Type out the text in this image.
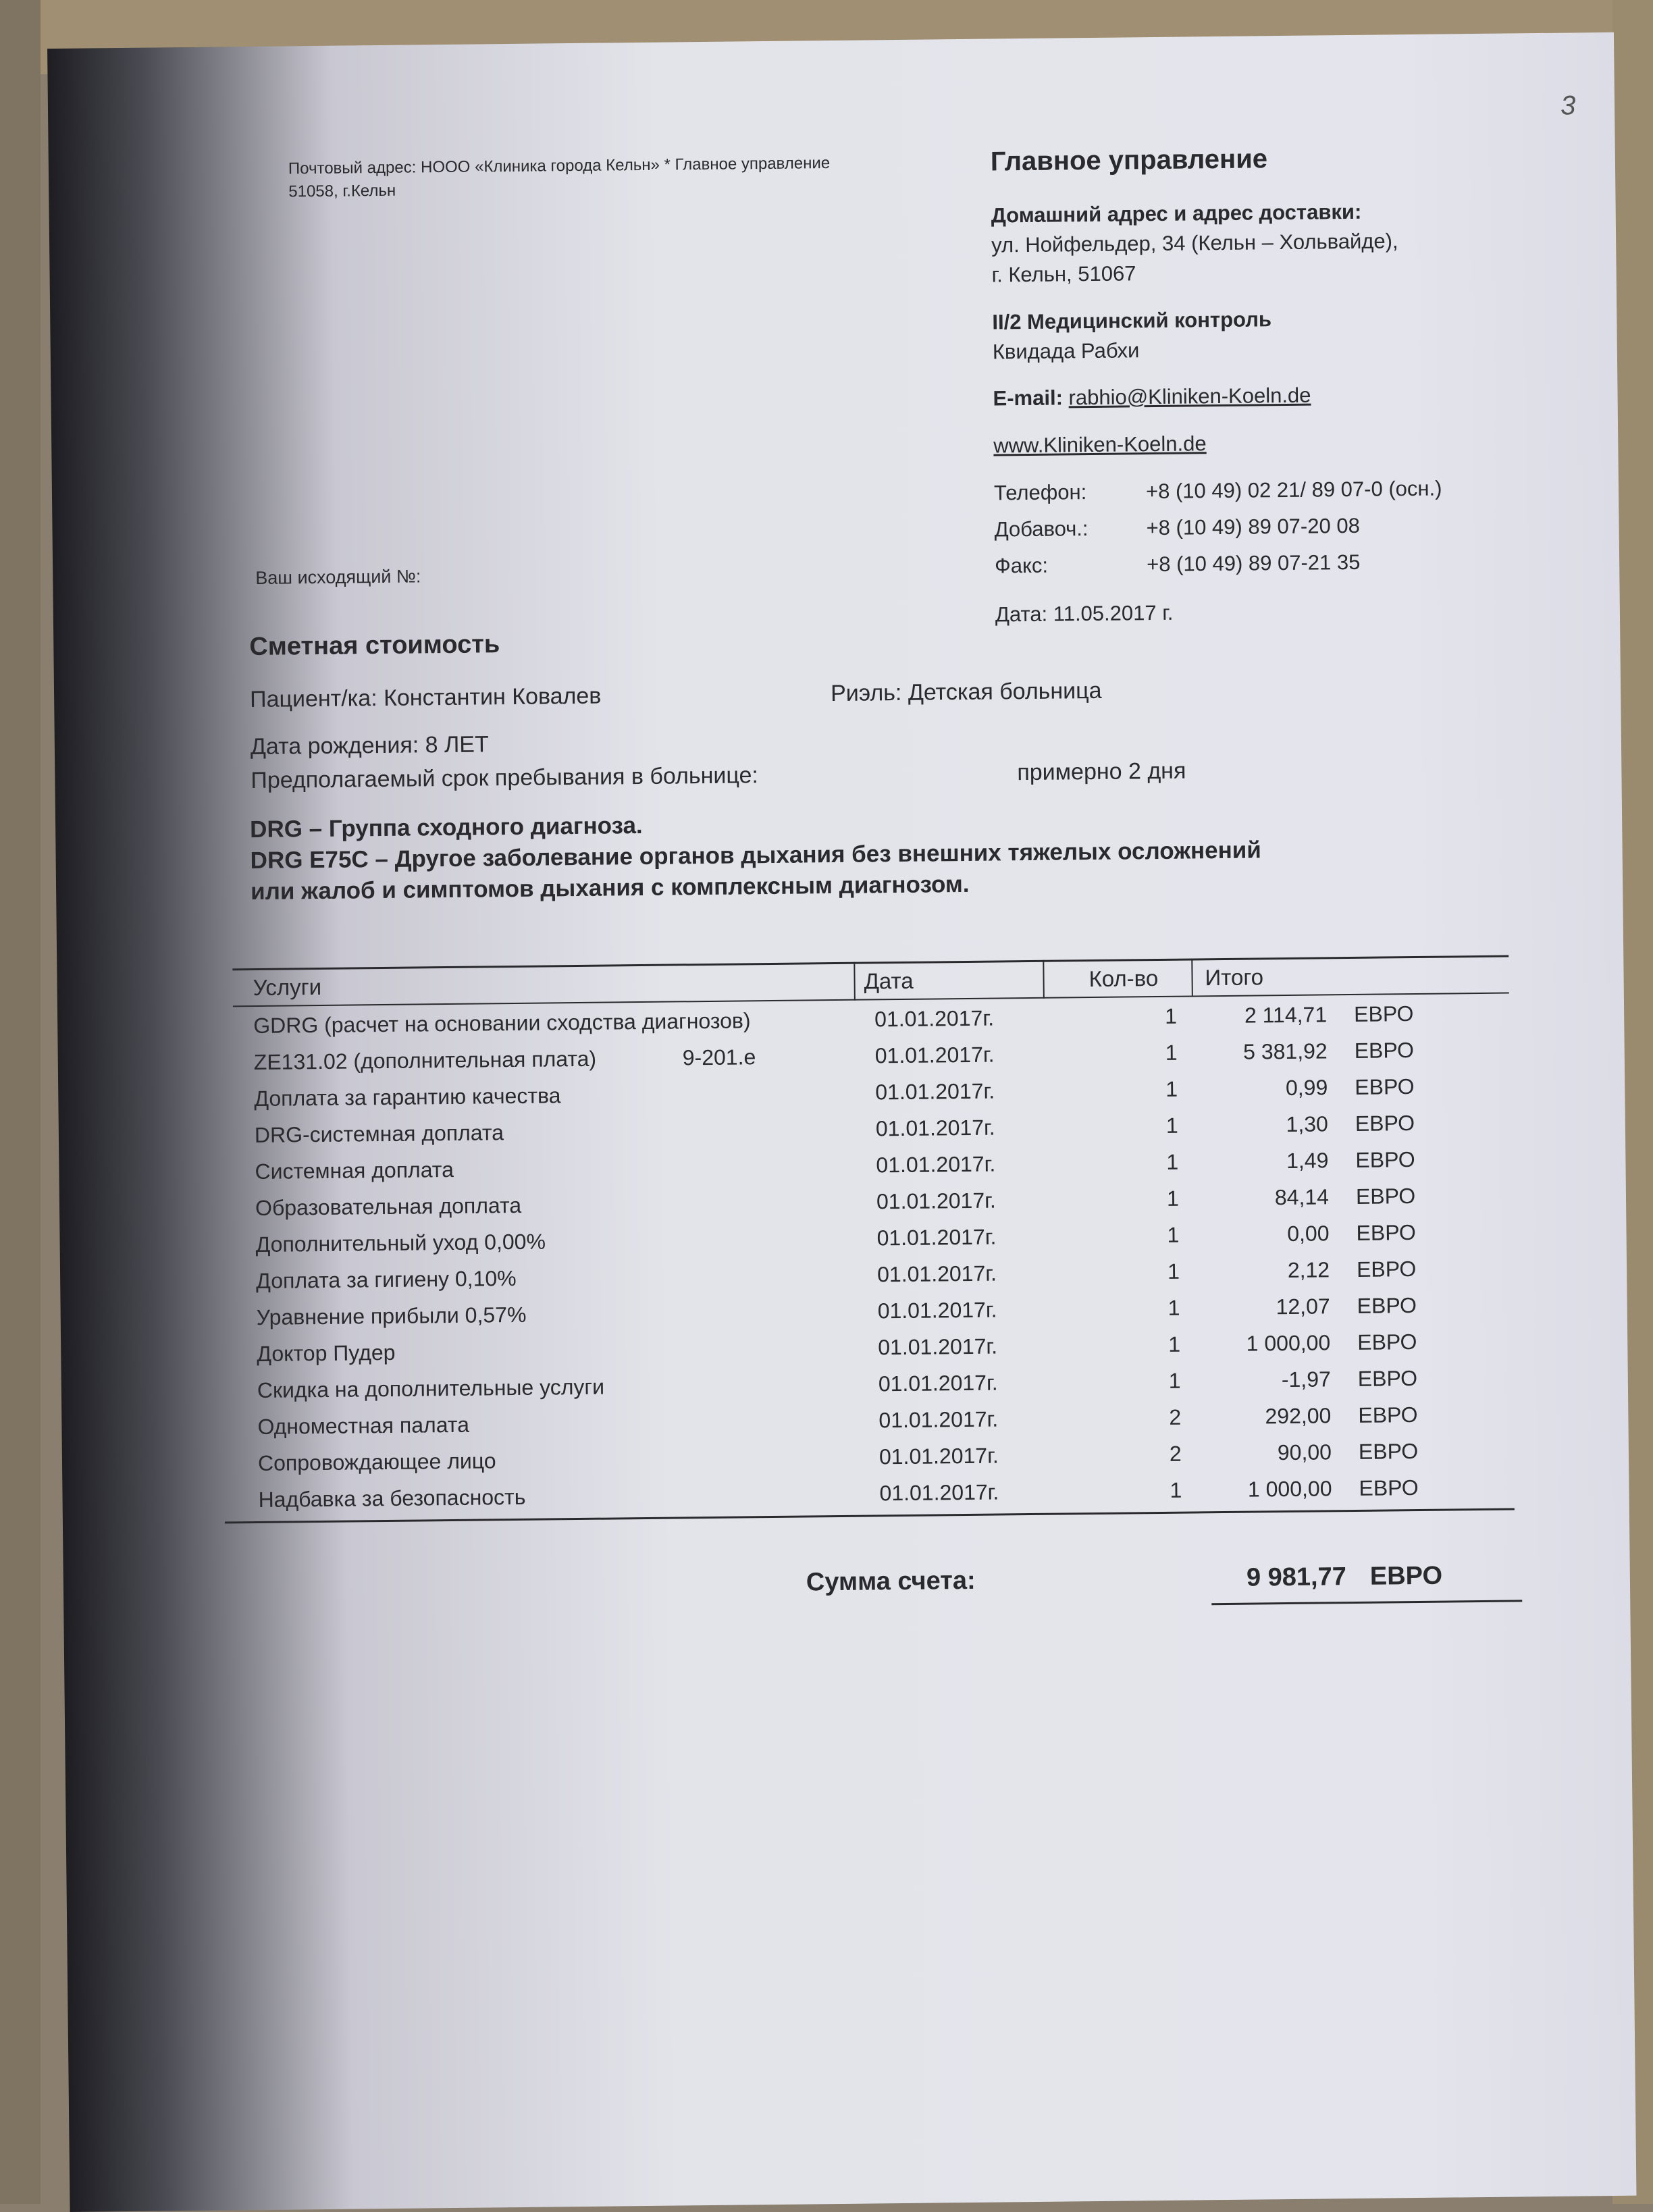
3
Почтовый адрес: НООО «Клиника города Кельн» * Главное управление
51058, г.Кельн
Главное управление
Домашний адрес и адрес доставки:
ул. Нойфельдер, 34 (Кельн – Хольвайде),
г. Кельн, 51067
II/2 Медицинский контроль
Квидада Рабхи
E-mail: rabhio@Kliniken-Koeln.de
www.Kliniken-Koeln.de
Телефон:	+8 (10 49) 02 21/ 89 07-0 (осн.)
Добавоч.:	+8 (10 49) 89 07-20 08
Факс:	+8 (10 49) 89 07-21 35
Дата: 11.05.2017 г.
Ваш исходящий №:
Сметная стоимость
Пациент/ка: Константин Ковалев	Риэль: Детская больница
Дата рождения: 8 ЛЕТ
Предполагаемый срок пребывания в больнице:	примерно 2 дня
DRG – Группа сходного диагноза.
DRG E75C – Другое заболевание органов дыхания без внешних тяжелых осложнений
или жалоб и симптомов дыхания с комплексным диагнозом.
Услуги	Дата	Кол-во Итого
GDRG (расчет на основании сходства диагнозов)	01.01.2017г.	1	2 114,71 ЕВРО
ZE131.02 (дополнительная плата)	9-201.e	01.01.2017г.	1	5 381,92 ЕВРО
Доплата за гарантию качества	01.01.2017г.	1	0,99 ЕВРО
DRG-системная доплата	01.01.2017г.	1	1,30 ЕВРО
Системная доплата	01.01.2017г.	1	1,49 ЕВРО
Образовательная доплата	01.01.2017г.	1	84,14 ЕВРО
Дополнительный уход 0,00%	01.01.2017г.	1	0,00 ЕВРО
Доплата за гигиену 0,10%	01.01.2017г.	1	2,12 ЕВРО
Уравнение прибыли 0,57%	01.01.2017г.	1	12,07 ЕВРО
Доктор Пудер	01.01.2017г.	1	1 000,00 ЕВРО
Скидка на дополнительные услуги	01.01.2017г.	1	-1,97 ЕВРО
Одноместная палата	01.01.2017г.	2	292,00 ЕВРО
Сопровождающее лицо	01.01.2017г.	2	90,00 ЕВРО
Надбавка за безопасность	01.01.2017г.	1	1 000,00 ЕВРО
Сумма счета:	9 981,77 ЕВРО
